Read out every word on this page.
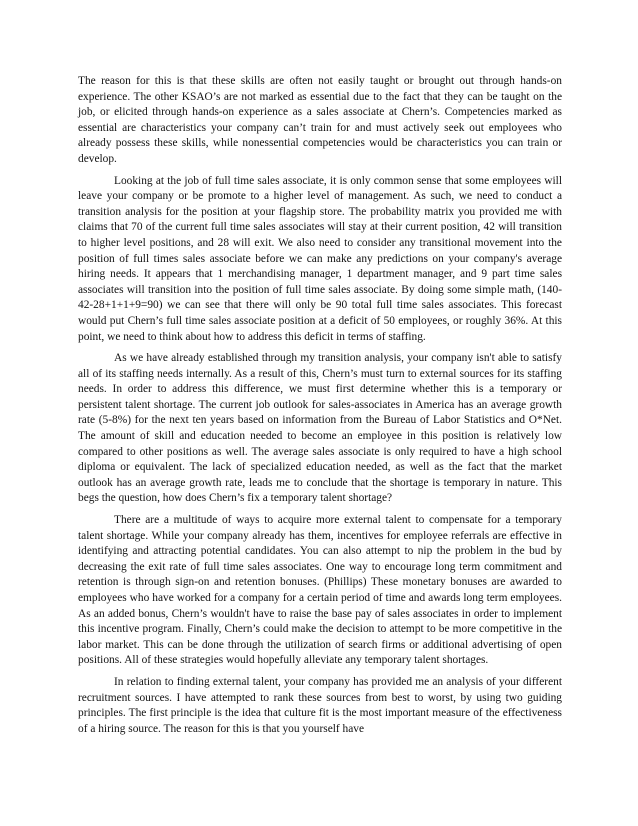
The reason for this is that these skills are often not easily taught or brought out through hands-on experience. The other KSAO’s are not marked as essential due to the fact that they can be taught on the job, or elicited through hands-on experience as a sales associate at Chern’s. Competencies marked as essential are characteristics your company can’t train for and must actively seek out employees who already possess these skills, while nonessential competencies would be characteristics you can train or develop.

Looking at the job of full time sales associate, it is only common sense that some employees will leave your company or be promote to a higher level of management. As such, we need to conduct a transition analysis for the position at your flagship store. The probability matrix you provided me with claims that 70 of the current full time sales associates will stay at their current position, 42 will transition to higher level positions, and 28 will exit. We also need to consider any transitional movement into the position of full times sales associate before we can make any predictions on your company's average hiring needs. It appears that 1 merchandising manager, 1 department manager, and 9 part time sales associates will transition into the position of full time sales associate. By doing some simple math, (140-42-28+1+1+9=90) we can see that there will only be 90 total full time sales associates. This forecast would put Chern’s full time sales associate position at a deficit of 50 employees, or roughly 36%. At this point, we need to think about how to address this deficit in terms of staffing.

As we have already established through my transition analysis, your company isn't able to satisfy all of its staffing needs internally. As a result of this, Chern’s must turn to external sources for its staffing needs. In order to address this difference, we must first determine whether this is a temporary or persistent talent shortage. The current job outlook for sales-associates in America has an average growth rate (5-8%) for the next ten years based on information from the Bureau of Labor Statistics and O*Net. The amount of skill and education needed to become an employee in this position is relatively low compared to other positions as well. The average sales associate is only required to have a high school diploma or equivalent. The lack of specialized education needed, as well as the fact that the market outlook has an average growth rate, leads me to conclude that the shortage is temporary in nature. This begs the question, how does Chern’s fix a temporary talent shortage?

There are a multitude of ways to acquire more external talent to compensate for a temporary talent shortage. While your company already has them, incentives for employee referrals are effective in identifying and attracting potential candidates. You can also attempt to nip the problem in the bud by decreasing the exit rate of full time sales associates. One way to encourage long term commitment and retention is through sign-on and retention bonuses. (Phillips) These monetary bonuses are awarded to employees who have worked for a company for a certain period of time and awards long term employees. As an added bonus, Chern’s wouldn't have to raise the base pay of sales associates in order to implement this incentive program. Finally, Chern’s could make the decision to attempt to be more competitive in the labor market. This can be done through the utilization of search firms or additional advertising of open positions. All of these strategies would hopefully alleviate any temporary talent shortages.

In relation to finding external talent, your company has provided me an analysis of your different recruitment sources. I have attempted to rank these sources from best to worst, by using two guiding principles. The first principle is the idea that culture fit is the most important measure of the effectiveness of a hiring source. The reason for this is that you yourself have
